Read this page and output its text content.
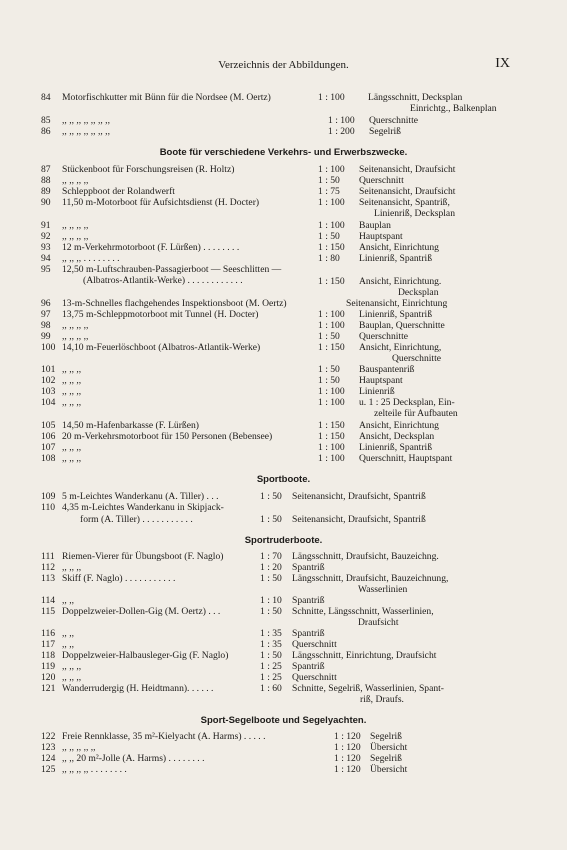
Verzeichnis der Abbildungen.	IX
84	Motorfischkutter mit Bünn für die Nordsee (M. Oertz)	1 : 100	Längsschnitt, Decksplan
Einrichtg., Balkenplan
85	,, ,, ,, ,, ,, ,, ,,	1 : 100	Querschnitte
86	,, ,, ,, ,, ,, ,, ,,	1 : 200	Segelriß
Boote für verschiedene Verkehrs- und Erwerbszwecke.
87	Stückenboot für Forschungsreisen (R. Holtz)	1 : 100	Seitenansicht, Draufsicht
88	,, ,, ,, ,,	1 : 50	Querschnitt
89	Schleppboot der Rolandwerft	1 : 75	Seitenansicht, Draufsicht
90	11,50 m-Motorboot für Aufsichtsdienst (H. Docter)	1 : 100	Seitenansicht, Spantriß,
Linienriß, Decksplan
91	,, ,, ,, ,,	1 : 100	Bauplan
92	,, ,, ,, ,,	1 : 50	Hauptspant
93	12 m-Verkehrmotorboot (F. Lürßen) . . . . . . . .	1 : 150	Ansicht, Einrichtung
94	,, ,, ,, . . . . . . . .	1 : 80	Linienriß, Spantriß
95	12,50 m-Luftschrauben-Passagierboot — Seeschlitten —
(Albatros-Atlantik-Werke) . . . . . . . . . . . .	1 : 150 Ansicht, Einrichtung.
Decksplan
96	13-m-Schnelles flachgehendes Inspektionsboot (M. Oertz)	Seitenansicht, Einrichtung
97	13,75 m-Schleppmotorboot mit Tunnel (H. Docter)	1 : 100	Linienriß, Spantriß
98	,, ,, ,, ,,	1 : 100	Bauplan, Querschnitte
99	,, ,, ,, ,,	1 : 50	Querschnitte
100 14,10 m-Feuerlöschboot (Albatros-Atlantik-Werke)	1 : 150	Ansicht, Einrichtung,
Querschnitte
101 ,, ,, ,,	1 : 50	Bauspantenriß
102 ,, ,, ,,	1 : 50	Hauptspant
103 ,, ,, ,,	1 : 100	Linienriß
104 ,, ,, ,,	1 : 100	u. 1 : 25 Decksplan, Ein-
zelteile für Aufbauten
105 14,50 m-Hafenbarkasse (F. Lürßen)	1 : 150	Ansicht, Einrichtung
106 20 m-Verkehrsmotorboot für 150 Personen (Bebensee)	1 : 150	Ansicht, Decksplan
107 ,, ,, ,,	1 : 100	Linienriß, Spantriß
108 ,, ,, ,,	1 : 100	Querschnitt, Hauptspant
Sportboote.
109 5 m-Leichtes Wanderkanu (A. Tiller) . . .	1 : 50	Seitenansicht, Draufsicht, Spantriß
110 4,35 m-Leichtes Wanderkanu in Skipjack-
form (A. Tiller) . . . . . . . . . . .	1 : 50 Seitenansicht, Draufsicht, Spantriß
Sportruderboote.
111 Riemen-Vierer für Übungsboot (F. Naglo)	1 : 70	Längsschnitt, Draufsicht, Bauzeichng.
112 ,, ,, ,,	1 : 20	Spantriß
113 Skiff (F. Naglo) . . . . . . . . . . .	1 : 50	Längsschnitt, Draufsicht, Bauzeichnung,
Wasserlinien
114 ,, ,,	1 : 10	Spantriß
115 Doppelzweier-Dollen-Gig (M. Oertz) . . .	1 : 50	Schnitte, Längsschnitt, Wasserlinien,
Draufsicht
116 ,, ,,	1 : 35	Spantriß
117 ,, ,,	1 : 35	Querschnitt
118 Doppelzweier-Halbausleger-Gig (F. Naglo)	1 : 50	Längsschnitt, Einrichtung, Draufsicht
119 ,, ,, ,,	1 : 25	Spantriß
120 ,, ,, ,,	1 : 25	Querschnitt
121 Wanderrudergig (H. Heidtmann). . . . . .	1 : 60	Schnitte, Segelriß, Wasserlinien, Spant-
riß, Draufs.
Sport-Segelboote und Segelyachten.
122 Freie Rennklasse, 35 m²-Kielyacht (A. Harms) . . . . .	1 : 120 Segelriß
123 ,, ,, ,, ,, ,,	1 : 120 Übersicht
124 ,, ,, 20 m²-Jolle (A. Harms) . . . . . . . .	1 : 120 Segelriß
125 ,, ,, ,, ,, . . . . . . . .	1 : 120 Übersicht
